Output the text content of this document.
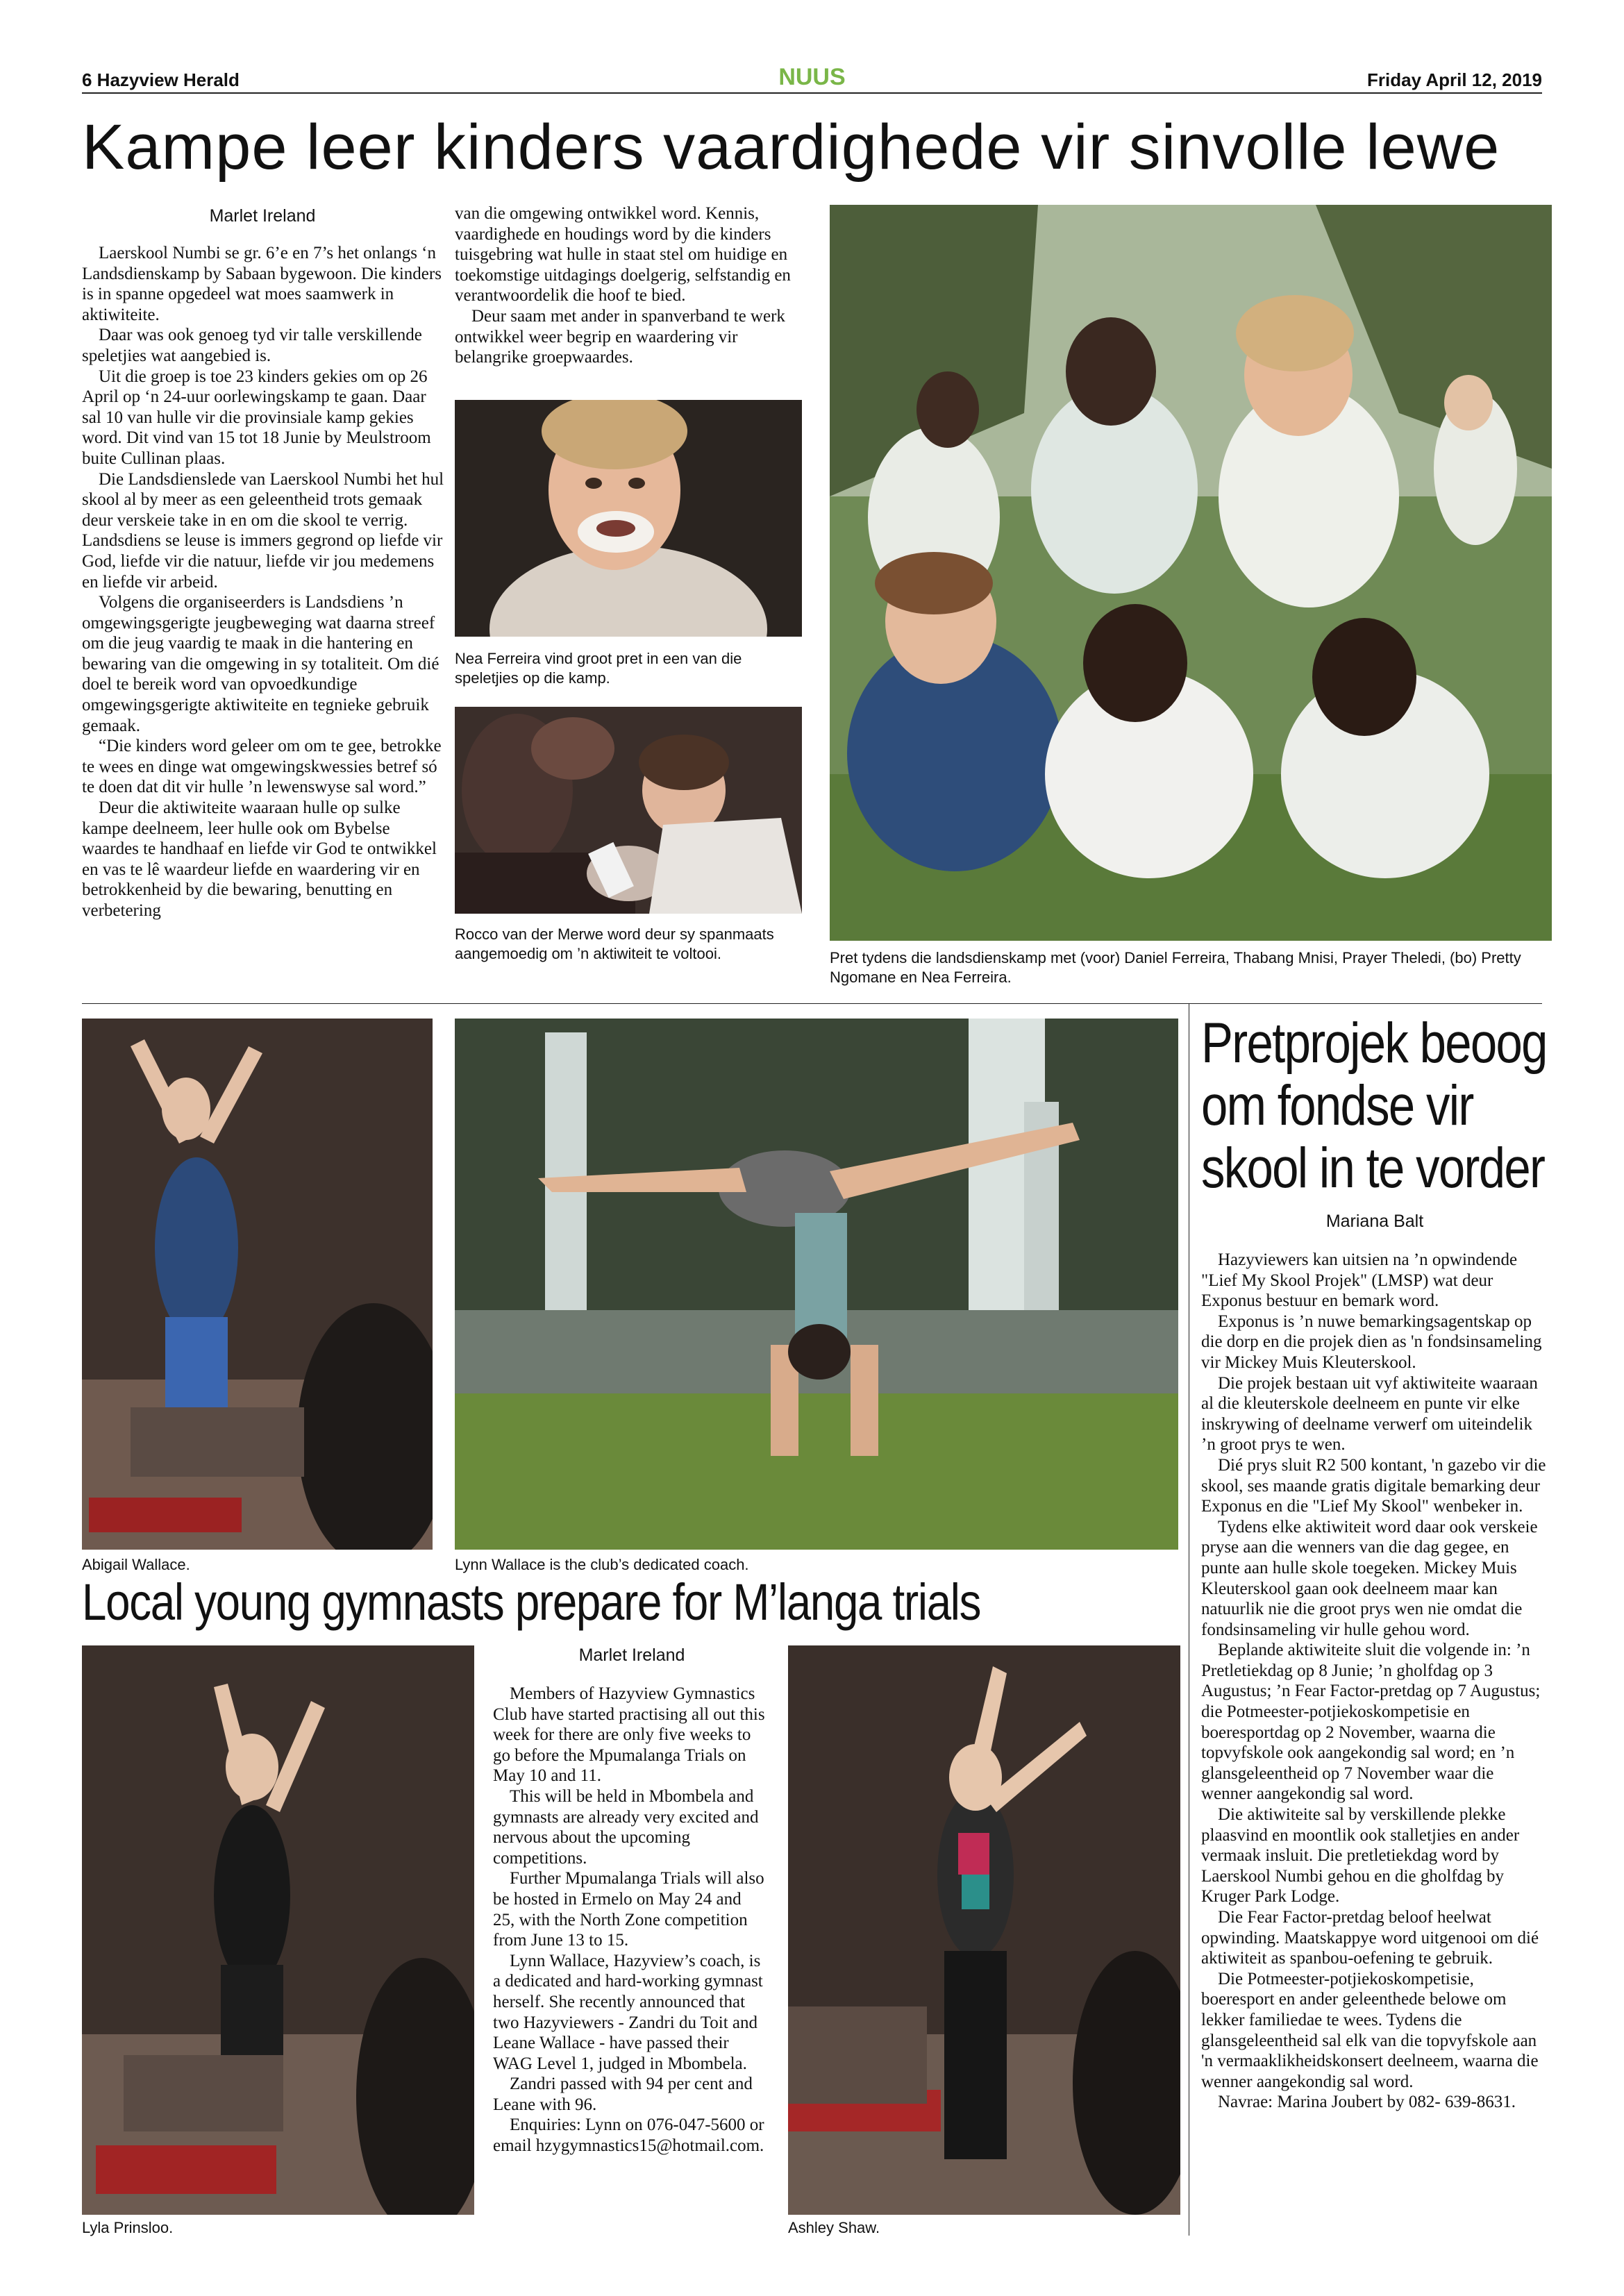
6 Hazyview Herald	NUUS	Friday April 12, 2019
Kampe leer kinders vaardighede vir sinvolle lewe
Marlet Ireland

Laerskool Numbi se gr. 6’e en 7’s het onlangs ‘n Landsdienskamp by Sabaan bygewoon. Die kinders is in spanne opgedeel wat moes saamwerk in aktiwiteite.

Daar was ook genoeg tyd vir talle verskillende speletjies wat aangebied is.

Uit die groep is toe 23 kinders gekies om op 26 April op ‘n 24-uur oorlewingskamp te gaan. Daar sal 10 van hulle vir die provinsiale kamp gekies word. Dit vind van 15 tot 18 Junie by Meulstroom buite Cullinan plaas.

Die Landsdienslede van Laerskool Numbi het hul skool al by meer as een geleentheid trots gemaak deur verskeie take in en om die skool te verrig. Landsdiens se leuse is immers gegrond op liefde vir God, liefde vir die natuur, liefde vir jou medemens en liefde vir arbeid.

Volgens die organiseerders is Landsdiens ’n omgewingsgerigte jeugbeweging wat daarna streef om die jeug vaardig te maak in die hantering en bewaring van die omgewing in sy totaliteit. Om dié doel te bereik word van opvoedkundige omgewingsgerigte aktiwiteite en tegnieke gebruik gemaak.

“Die kinders word geleer om om te gee, betrokke te wees en dinge wat omgewingskwessies betref só te doen dat dit vir hulle ’n lewenswyse sal word.”

Deur die aktiwiteite waaraan hulle op sulke kampe deelneem, leer hulle ook om Bybelse waardes te handhaaf en liefde vir God te ontwikkel en vas te lê waardeur liefde en waardering vir en betrokkenheid by die bewaring, benutting en verbetering

van die omgewing ontwikkel word. Kennis, vaardighede en houdings word by die kinders tuisgebring wat hulle in staat stel om huidige en toekomstige uitdagings doelgerig, selfstandig en verantwoordelik die hoof te bied.

Deur saam met ander in spanverband te werk ontwikkel weer begrip en waardering vir belangrike groepwaardes.

Nea Ferreira vind groot pret in een van die speletjies op die kamp.
Rocco van der Merwe word deur sy spanmaats aangemoedig om ’n aktiwiteit te voltooi.	Pret tydens die landsdienskamp met (voor) Daniel Ferreira, Thabang Mnisi, Prayer Theledi, (bo) Pretty Ngomane en Nea Ferreira.
Abigail Wallace.	Lynn Wallace is the club’s dedicated coach.
Local young gymnasts prepare for M’langa trials
Lyla Prinsloo.
Marlet Ireland

Members of Hazyview Gymnastics Club have started practising all out this week for there are only five weeks to go before the Mpumalanga Trials on May 10 and 11.

This will be held in Mbombela and gymnasts are already very excited and nervous about the upcoming competitions.

Further Mpumalanga Trials will also be hosted in Ermelo on May 24 and 25, with the North Zone competition from June 13 to 15.

Lynn Wallace, Hazyview’s coach, is a dedicated and hard-working gymnast herself. She recently announced that two Hazyviewers - Zandri du Toit and Leane Wallace - have passed their WAG Level 1, judged in Mbombela.

Zandri passed with 94 per cent and Leane with 96.

Enquiries: Lynn on 076-047-5600 or email hzygymnastics15@hotmail.com.

Ashley Shaw.
Pretprojek beoog
om fondse vir
skool in te vorder
Mariana Balt

Hazyviewers kan uitsien na ’n opwindende "Lief My Skool Projek" (LMSP) wat deur Exponus bestuur en bemark word.

Exponus is ’n nuwe bemarkingsagentskap op die dorp en die projek dien as 'n fondsinsameling vir Mickey Muis Kleuterskool.

Die projek bestaan uit vyf aktiwiteite waaraan al die kleuterskole deelneem en punte vir elke inskrywing of deelname verwerf om uiteindelik ’n groot prys te wen.

Dié prys sluit R2 500 kontant, 'n gazebo vir die skool, ses maande gratis digitale bemarking deur Exponus en die "Lief My Skool" wenbeker in.

Tydens elke aktiwiteit word daar ook verskeie pryse aan die wenners van die dag gegee, en punte aan hulle skole toegeken. Mickey Muis Kleuterskool gaan ook deelneem maar kan natuurlik nie die groot prys wen nie omdat die fondsinsameling vir hulle gehou word.

Beplande aktiwiteite sluit die volgende in: ’n Pretletiekdag op 8 Junie; ’n gholfdag op 3 Augustus; ’n Fear Factor-pretdag op 7 Augustus; die Potmeester-potjiekoskompetisie en boeresportdag op 2 November, waarna die topvyfskole ook aangekondig sal word; en ’n glansgeleentheid op 7 November waar die wenner aangekondig sal word.

Die aktiwiteite sal by verskillende plekke plaasvind en moontlik ook stalletjies en ander vermaak insluit. Die pretletiekdag word by Laerskool Numbi gehou en die gholfdag by Kruger Park Lodge.

Die Fear Factor-pretdag beloof heelwat opwinding. Maatskappye word uitgenooi om dié aktiwiteit as spanbou-oefening te gebruik.

Die Potmeester-potjiekoskompetisie, boeresport en ander geleenthede belowe om lekker familiedae te wees. Tydens die glansgeleentheid sal elk van die topvyfskole aan 'n vermaaklikheidskonsert deelneem, waarna die wenner aangekondig sal word.

Navrae: Marina Joubert by 082- 639-8631.
